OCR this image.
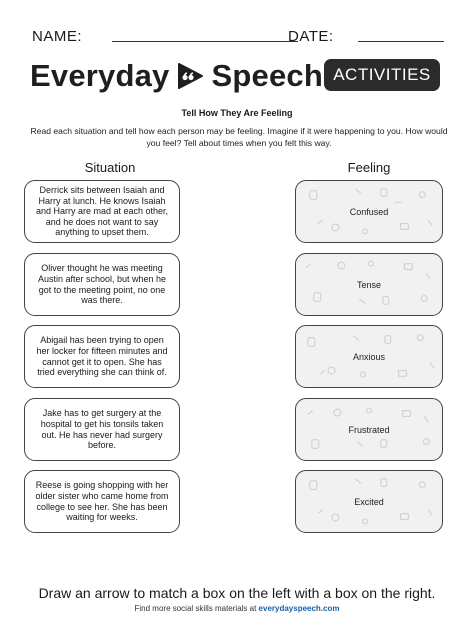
NAME:	DATE:
Everyday Speech ACTIVITIES
Tell How They Are Feeling
Read each situation and tell how each person may be feeling. Imagine if it were happening to you. How would you feel? Tell about times when you felt this way.
Situation	Feeling
Derrick sits between Isaiah and Harry at lunch. He knows Isaiah and Harry are mad at each other, and he does not want to say anything to upset them.
Oliver thought he was meeting Austin after school, but when he got to the meeting point, no one was there.
Abigail has been trying to open her locker for fifteen minutes and cannot get it to open. She has tried everything she can think of.
Jake has to get surgery at the hospital to get his tonsils taken out. He has never had surgery before.
Reese is going shopping with her older sister who came home from college to see her. She has been waiting for weeks.
Confused
Tense
Anxious
Frustrated
Excited
Draw an arrow to match a box on the left with a box on the right.
Find more social skills materials at everydayspeech.com
